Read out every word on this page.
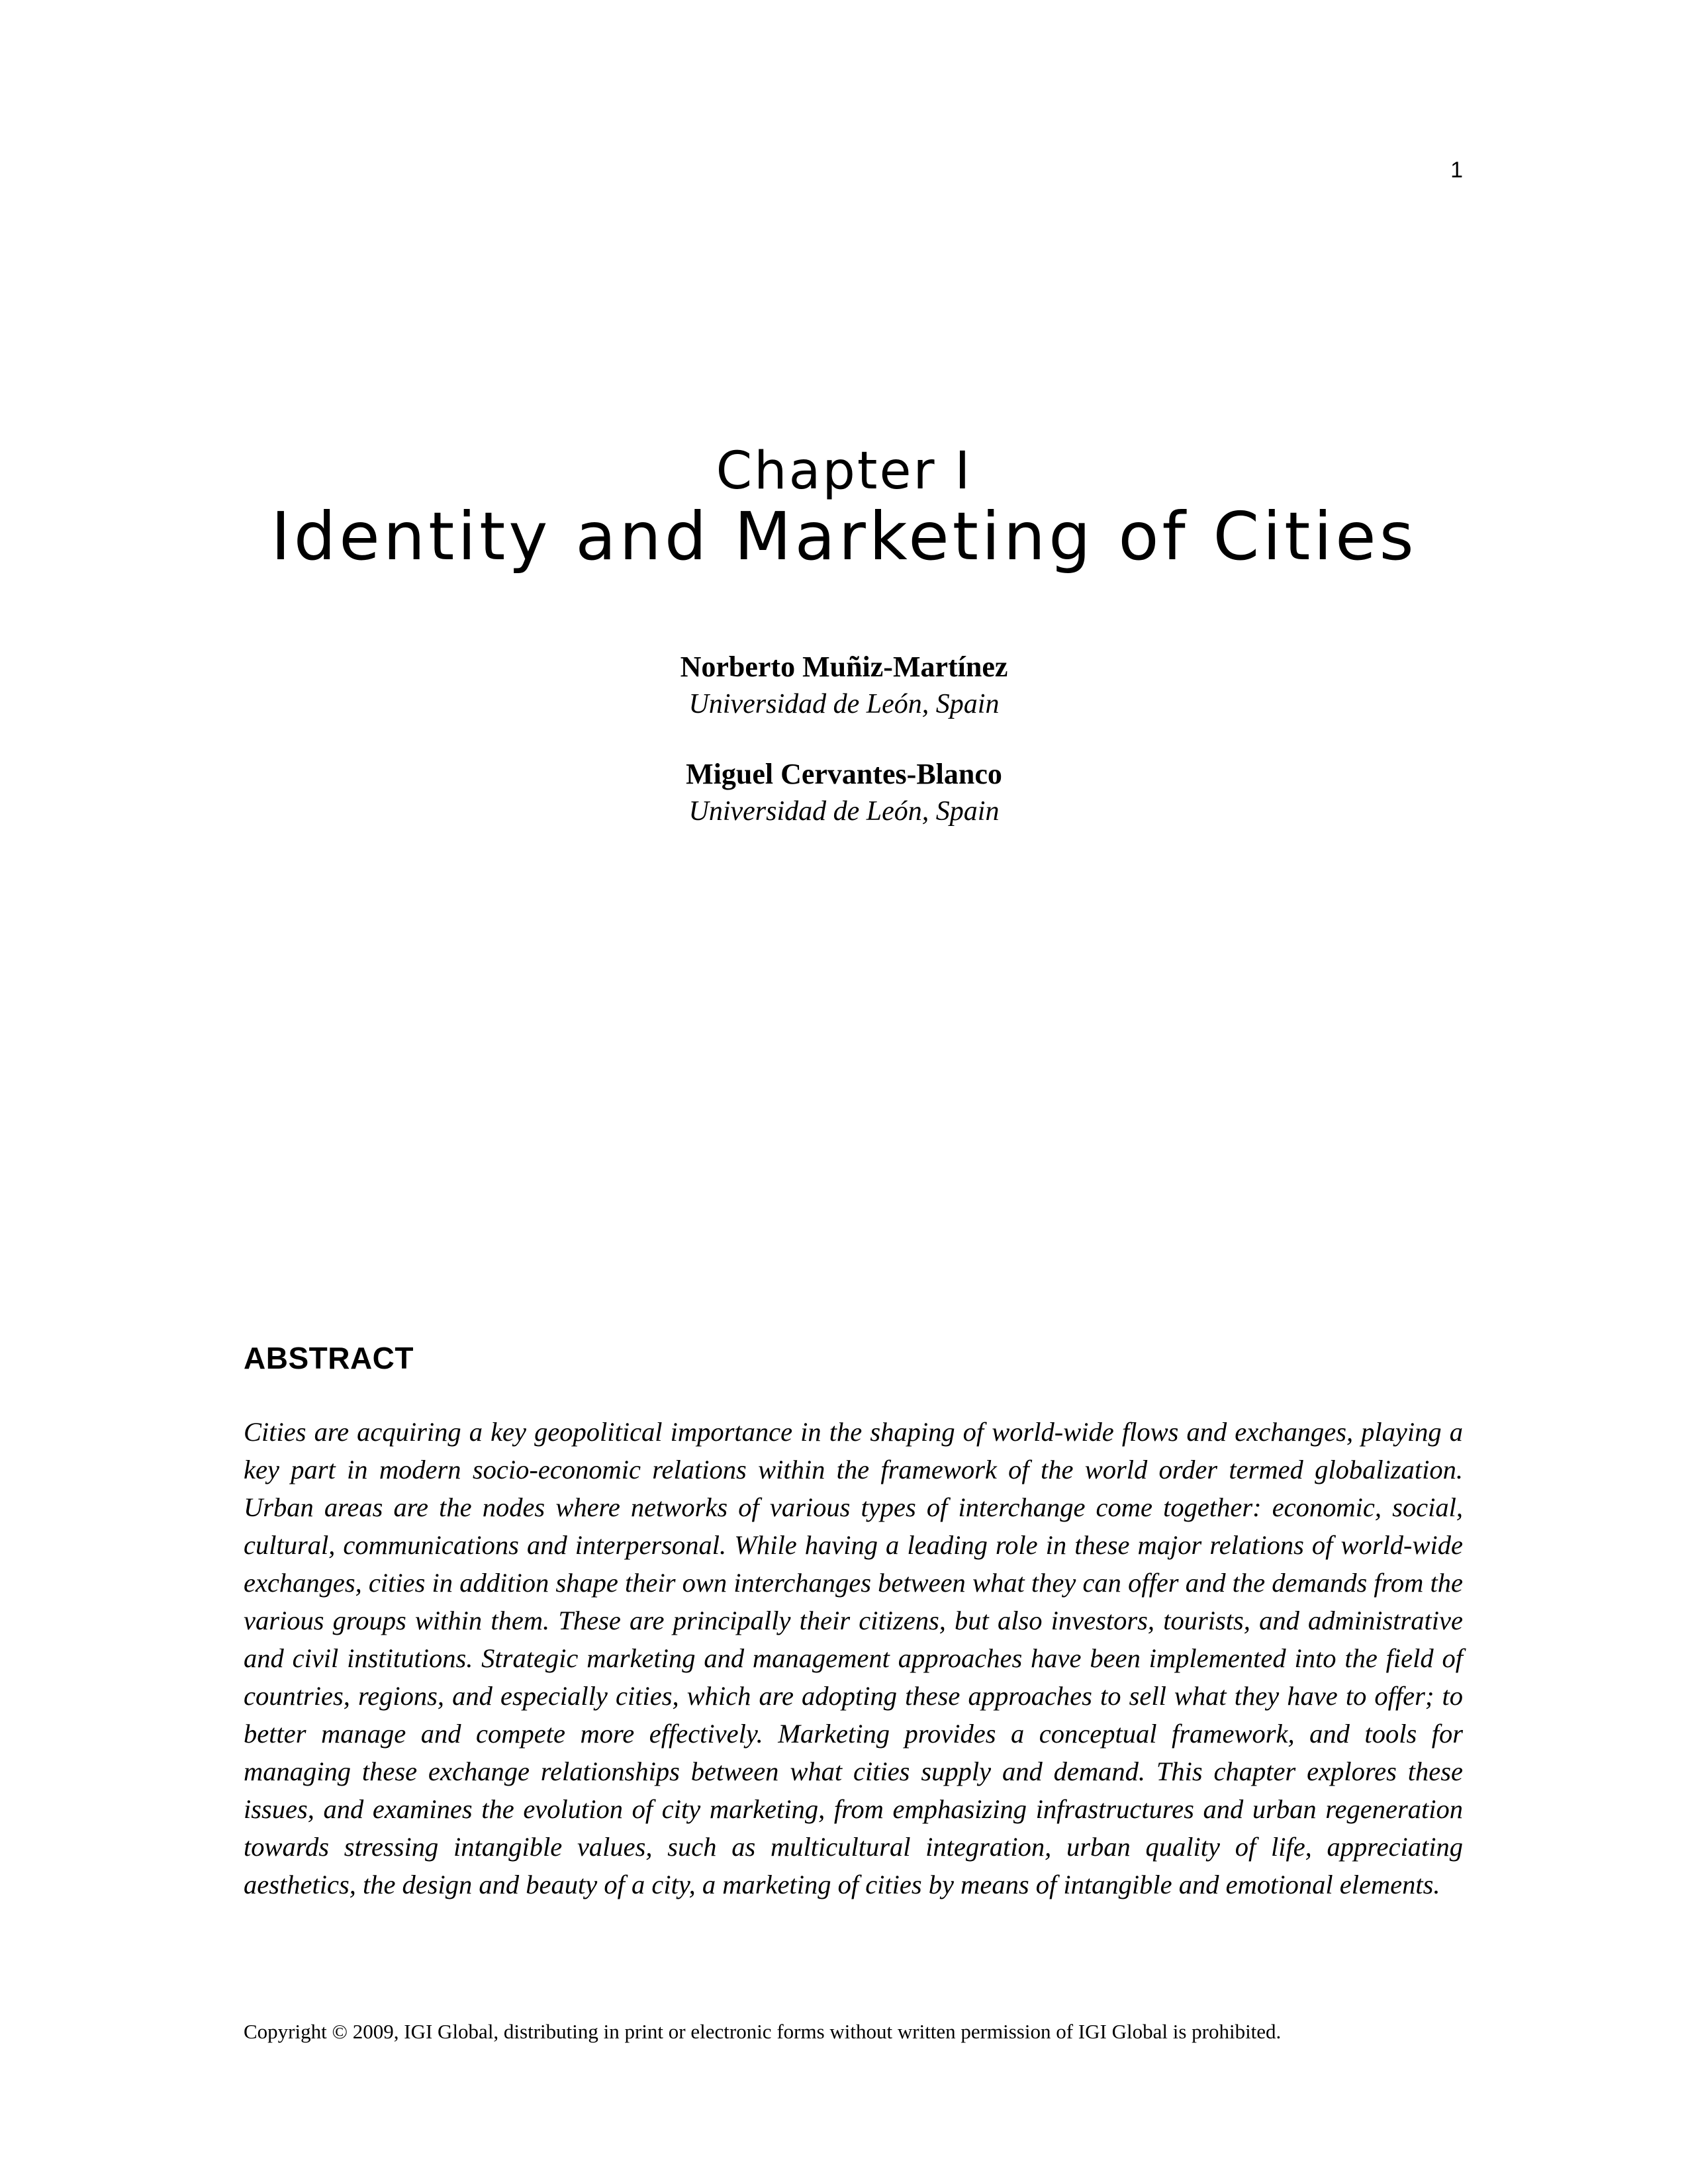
1

Chapter I
Identity and Marketing of Cities

Norberto Muñiz-Martínez

Universidad de León, Spain

Miguel Cervantes-Blanco

Universidad de León, Spain

ABSTRACT

Cities are acquiring a key geopolitical importance in the shaping of world-wide flows and exchanges, playing a key part in modern socio-economic relations within the framework of the world order termed globalization. Urban areas are the nodes where networks of various types of interchange come together: economic, social, cultural, communications and interpersonal. While having a leading role in these major relations of world-wide exchanges, cities in addition shape their own interchanges between what they can offer and the demands from the various groups within them. These are principally their citizens, but also investors, tourists, and administrative and civil institutions. Strategic marketing and management approaches have been implemented into the field of countries, regions, and especially cities, which are adopting these approaches to sell what they have to offer; to better manage and compete more effectively. Marketing provides a conceptual framework, and tools for managing these exchange relationships between what cities supply and demand. This chapter explores these issues, and examines the evolution of city marketing, from emphasizing infrastructures and urban regeneration towards stressing intangible values, such as multicultural integration, urban quality of life, appreciating aesthetics, the design and beauty of a city, a marketing of cities by means of intangible and emotional elements.

Copyright © 2009, IGI Global, distributing in print or electronic forms without written permission of IGI Global is prohibited.
